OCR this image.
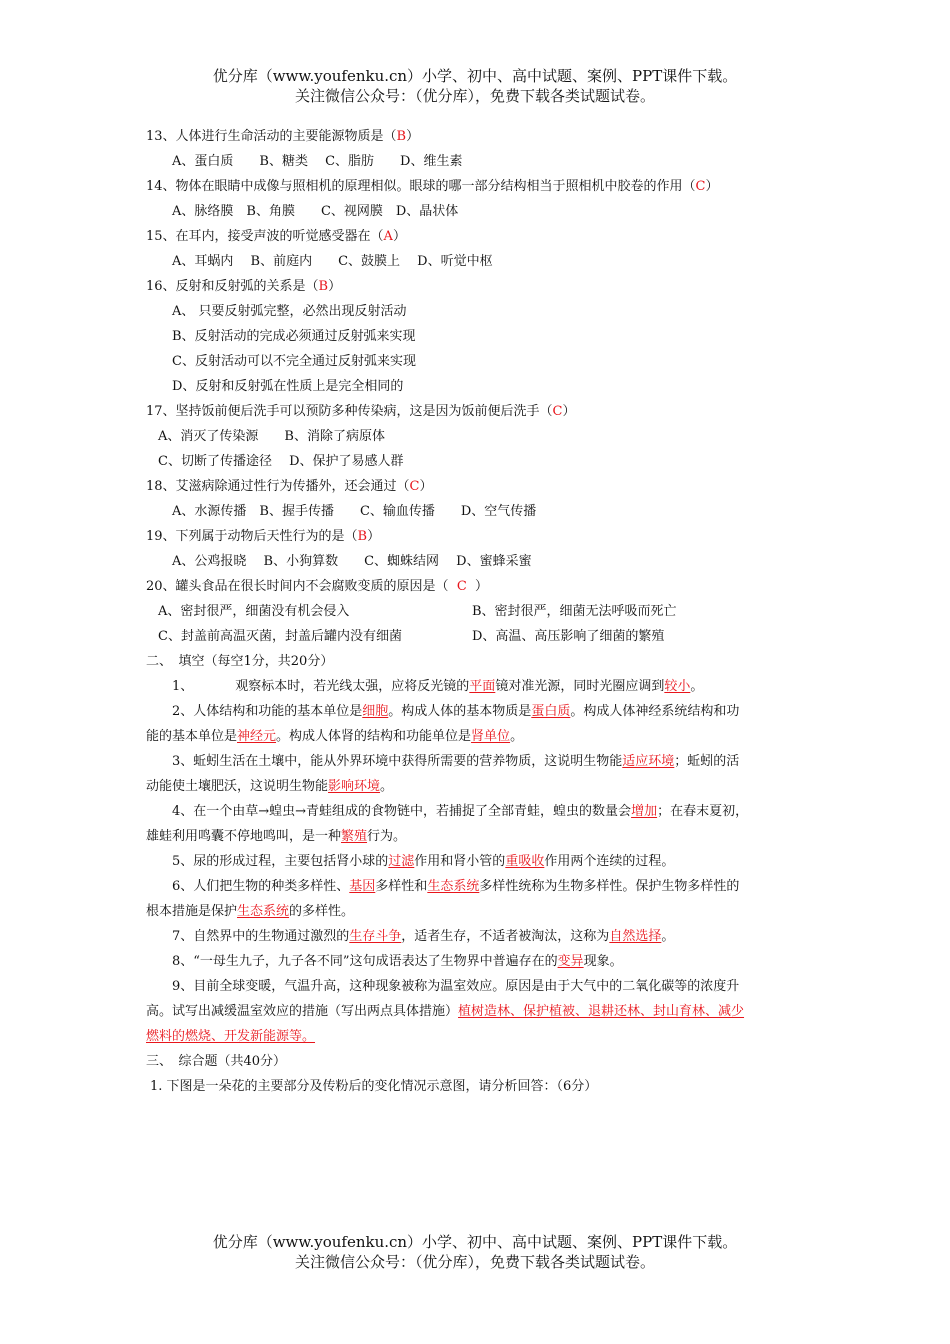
优分库（www.youfenku.cn）小学、初中、高中试题、案例、PPT课件下载。
关注微信公众号：（优分库），免费下载各类试题试卷。
13、人体进行生命活动的主要能源物质是（B）
A、蛋白质　　B、糖类　 C、脂肪　　D、维生素
14、物体在眼睛中成像与照相机的原理相似。眼球的哪一部分结构相当于照相机中胶卷的作用（C）
A、脉络膜　B、角膜　　C、视网膜　D、晶状体
15、在耳内，接受声波的听觉感受器在（A）
A、耳蜗内　 B、前庭内　　C、鼓膜上　 D、听觉中枢
16、反射和反射弧的关系是（B）
A、 只要反射弧完整，必然出现反射活动
B、反射活动的完成必须通过反射弧来实现
C、反射活动可以不完全通过反射弧来实现
D、反射和反射弧在性质上是完全相同的
17、坚持饭前便后洗手可以预防多种传染病，这是因为饭前便后洗手（C）
A、消灭了传染源　　B、消除了病原体
C、切断了传播途径　 D、保护了易感人群
18、艾滋病除通过性行为传播外，还会通过（C）
A、水源传播　B、握手传播　　C、输血传播　　D、空气传播
19、下列属于动物后天性行为的是（B）
A、公鸡报晓　 B、小狗算数　　C、蜘蛛结网　 D、蜜蜂采蜜
20、罐头食品在很长时间内不会腐败变质的原因是（ C ）
A、密封很严，细菌没有机会侵入	B、密封很严，细菌无法呼吸而死亡
C、封盖前高温灭菌，封盖后罐内没有细菌	D、高温、高压影响了细菌的繁殖
二、　填空（每空1分，共20分）
1、	观察标本时，若光线太强，应将反光镜的平面镜对准光源，同时光圈应调到较小。
2、人体结构和功能的基本单位是细胞。构成人体的基本物质是蛋白质。构成人体神经系统结构和功
能的基本单位是神经元。构成人体肾的结构和功能单位是肾单位。
3、蚯蚓生活在土壤中，能从外界环境中获得所需要的营养物质，这说明生物能适应环境；蚯蚓的活
动能使土壤肥沃，这说明生物能影响环境。
4、在一个由草→蝗虫→青蛙组成的食物链中，若捕捉了全部青蛙，蝗虫的数量会增加；在春末夏初，
雄蛙利用鸣囊不停地鸣叫，是一种繁殖行为。
5、尿的形成过程，主要包括肾小球的过滤作用和肾小管的重吸收作用两个连续的过程。
6、人们把生物的种类多样性、基因多样性和生态系统多样性统称为生物多样性。保护生物多样性的
根本措施是保护生态系统的多样性。
7、自然界中的生物通过激烈的生存斗争，适者生存，不适者被淘汰，这称为自然选择。
8、“一母生九子，九子各不同”这句成语表达了生物界中普遍存在的变异现象。
9、目前全球变暖，气温升高，这种现象被称为温室效应。原因是由于大气中的二氧化碳等的浓度升
高。试写出减缓温室效应的措施（写出两点具体措施）植树造林、保护植被、退耕还林、封山育林、减少
燃料的燃烧、开发新能源等。
三、　综合题（共40分）
1. 下图是一朵花的主要部分及传粉后的变化情况示意图，请分析回答：（6分）
优分库（www.youfenku.cn）小学、初中、高中试题、案例、PPT课件下载。
关注微信公众号：（优分库），免费下载各类试题试卷。
